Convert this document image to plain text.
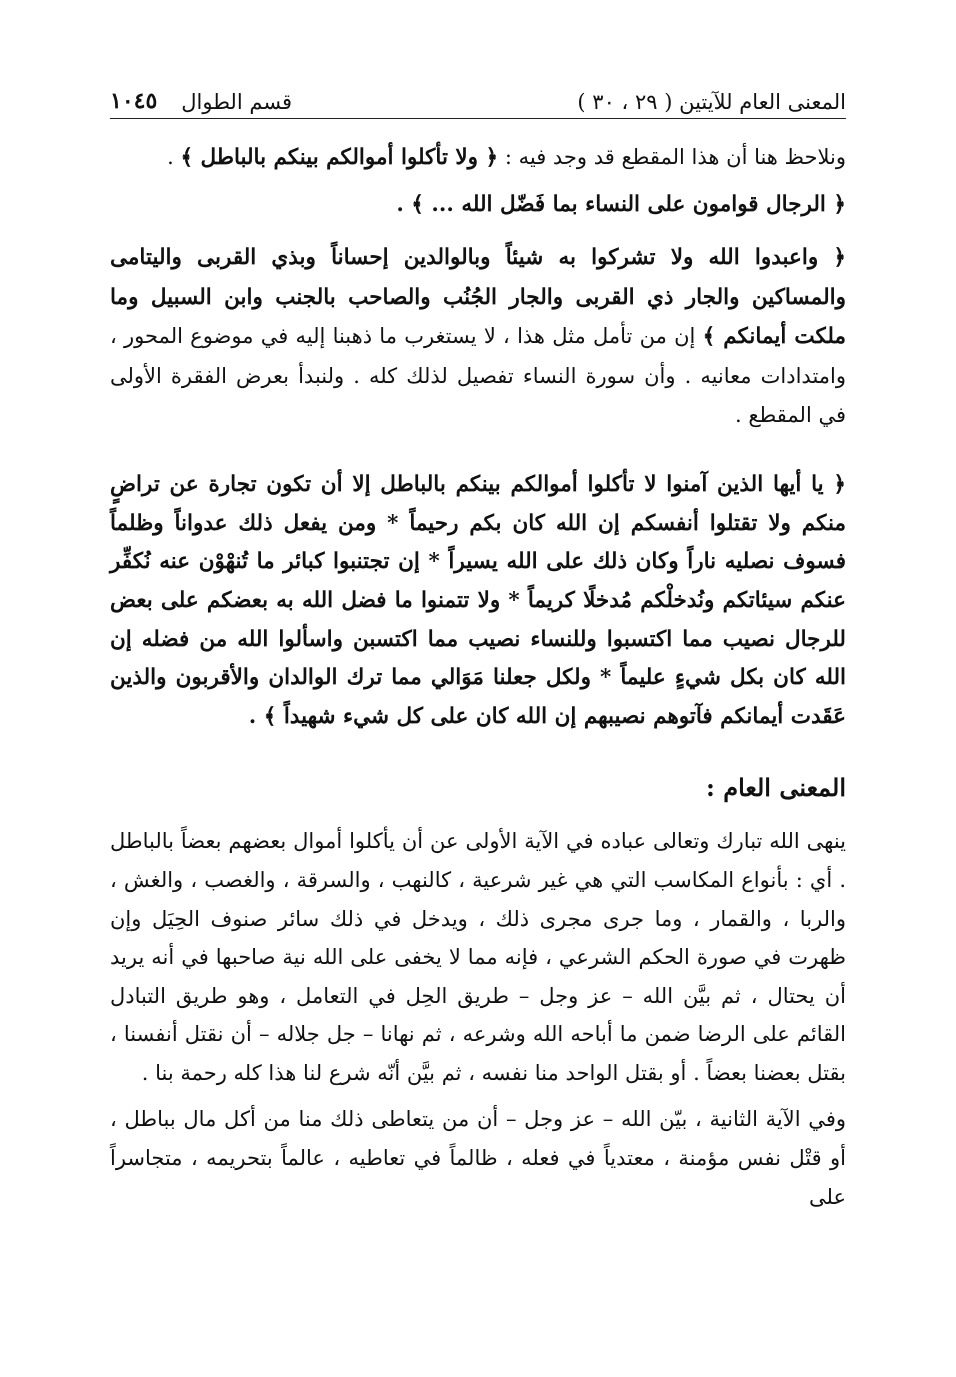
المعنى العام للآيتين ( ٢٩ ، ٣٠ )
قسم الطوال
١٠٤٥

ونلاحظ هنا أن هذا المقطع قد وجد فيه : ﴿ ولا تأكلوا أموالكم بينكم بالباطل ﴾ .

﴿ الرجال قوامون على النساء بما فَضّل الله ... ﴾ .

﴿ واعبدوا الله ولا تشركوا به شيئاً وبالوالدين إحساناً وبذي القربى واليتامى والمساكين والجار ذي القربى والجار الجُنُب والصاحب بالجنب وابن السبيل وما ملكت أيمانكم ﴾ إن من تأمل مثل هذا ، لا يستغرب ما ذهبنا إليه في موضوع المحور ، وامتدادات معانيه . وأن سورة النساء تفصيل لذلك كله . ولنبدأ بعرض الفقرة الأولى في المقطع .

﴿ يا أيها الذين آمنوا لا تأكلوا أموالكم بينكم بالباطل إلا أن تكون تجارة عن تراضٍ منكم ولا تقتلوا أنفسكم إن الله كان بكم رحيماً * ومن يفعل ذلك عدواناً وظلماً فسوف نصليه ناراً وكان ذلك على الله يسيراً * إن تجتنبوا كبائر ما تُنهْوْن عنه نُكفِّر عنكم سيئاتكم ونُدخلْكم مُدخلًا كريماً * ولا تتمنوا ما فضل الله به بعضكم على بعض للرجال نصيب مما اكتسبوا وللنساء نصيب مما اكتسبن واسألوا الله من فضله إن الله كان بكل شيءٍ عليماً * ولكل جعلنا مَوَالي مما ترك الوالدان والأقربون والذين عَقَدت أيمانكم فآتوهم نصيبهم إن الله كان على كل شيء شهيداً ﴾ .

المعنى العام :

ينهى الله تبارك وتعالى عباده في الآية الأولى عن أن يأكلوا أموال بعضهم بعضاً بالباطل . أي : بأنواع المكاسب التي هي غير شرعية ، كالنهب ، والسرقة ، والغصب ، والغش ، والربا ، والقمار ، وما جرى مجرى ذلك ، ويدخل في ذلك سائر صنوف الحِيَل وإن ظهرت في صورة الحكم الشرعي ، فإنه مما لا يخفى على الله نية صاحبها في أنه يريد أن يحتال ، ثم بيَّن الله – عز وجل – طريق الحِل في التعامل ، وهو طريق التبادل القائم على الرضا ضمن ما أباحه الله وشرعه ، ثم نهانا – جل جلاله – أن نقتل أنفسنا ، بقتل بعضنا بعضاً . أو بقتل الواحد منا نفسه ، ثم بيَّن أنّه شرع لنا هذا كله رحمة بنا .

وفي الآية الثانية ، بيّن الله – عز وجل – أن من يتعاطى ذلك منا من أكل مال بباطل ، أو قتْل نفس مؤمنة ، معتدياً في فعله ، ظالماً في تعاطيه ، عالماً بتحريمه ، متجاسراً على
